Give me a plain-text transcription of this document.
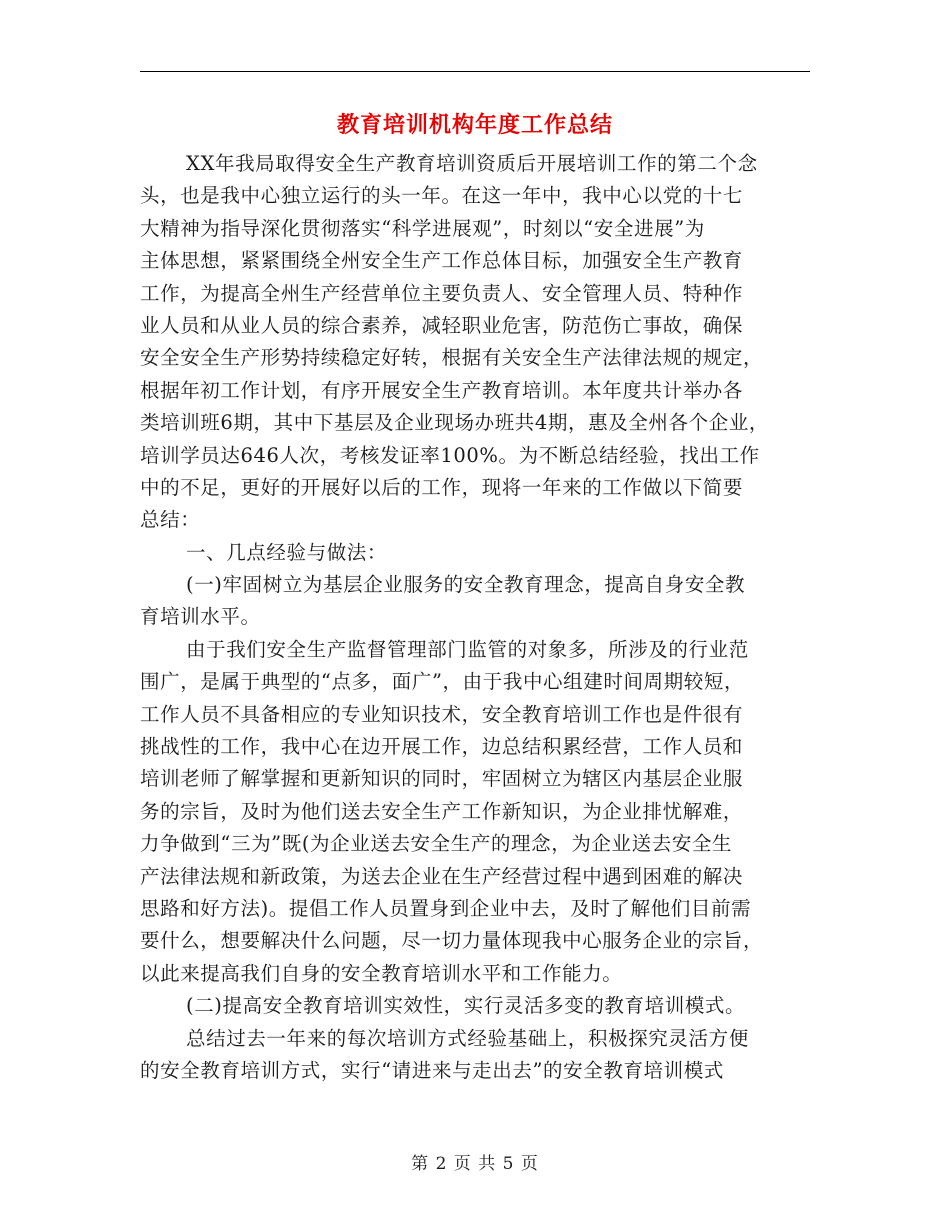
教育培训机构年度工作总结
XX年我局取得安全生产教育培训资质后开展培训工作的第二个念
头，也是我中心独立运行的头一年。在这一年中，我中心以党的十七
大精神为指导深化贯彻落实“科学进展观”，时刻以“安全进展”为
主体思想，紧紧围绕全州安全生产工作总体目标，加强安全生产教育
工作，为提高全州生产经营单位主要负责人、安全管理人员、特种作
业人员和从业人员的综合素养，减轻职业危害，防范伤亡事故，确保
安全安全生产形势持续稳定好转，根据有关安全生产法律法规的规定，
根据年初工作计划，有序开展安全生产教育培训。本年度共计举办各
类培训班6期，其中下基层及企业现场办班共4期，惠及全州各个企业，
培训学员达646人次，考核发证率100%。为不断总结经验，找出工作
中的不足，更好的开展好以后的工作，现将一年来的工作做以下简要
总结：
一、几点经验与做法：
(一)牢固树立为基层企业服务的安全教育理念，提高自身安全教
育培训水平。
由于我们安全生产监督管理部门监管的对象多，所涉及的行业范
围广，是属于典型的“点多，面广”，由于我中心组建时间周期较短，
工作人员不具备相应的专业知识技术，安全教育培训工作也是件很有
挑战性的工作，我中心在边开展工作，边总结积累经营，工作人员和
培训老师了解掌握和更新知识的同时，牢固树立为辖区内基层企业服
务的宗旨，及时为他们送去安全生产工作新知识，为企业排忧解难，
力争做到“三为”既(为企业送去安全生产的理念，为企业送去安全生
产法律法规和新政策，为送去企业在生产经营过程中遇到困难的解决
思路和好方法)。提倡工作人员置身到企业中去，及时了解他们目前需
要什么，想要解决什么问题，尽一切力量体现我中心服务企业的宗旨，
以此来提高我们自身的安全教育培训水平和工作能力。
(二)提高安全教育培训实效性，实行灵活多变的教育培训模式。
总结过去一年来的每次培训方式经验基础上，积极探究灵活方便
的安全教育培训方式，实行“请进来与走出去”的安全教育培训模式
第 2 页 共 5 页
